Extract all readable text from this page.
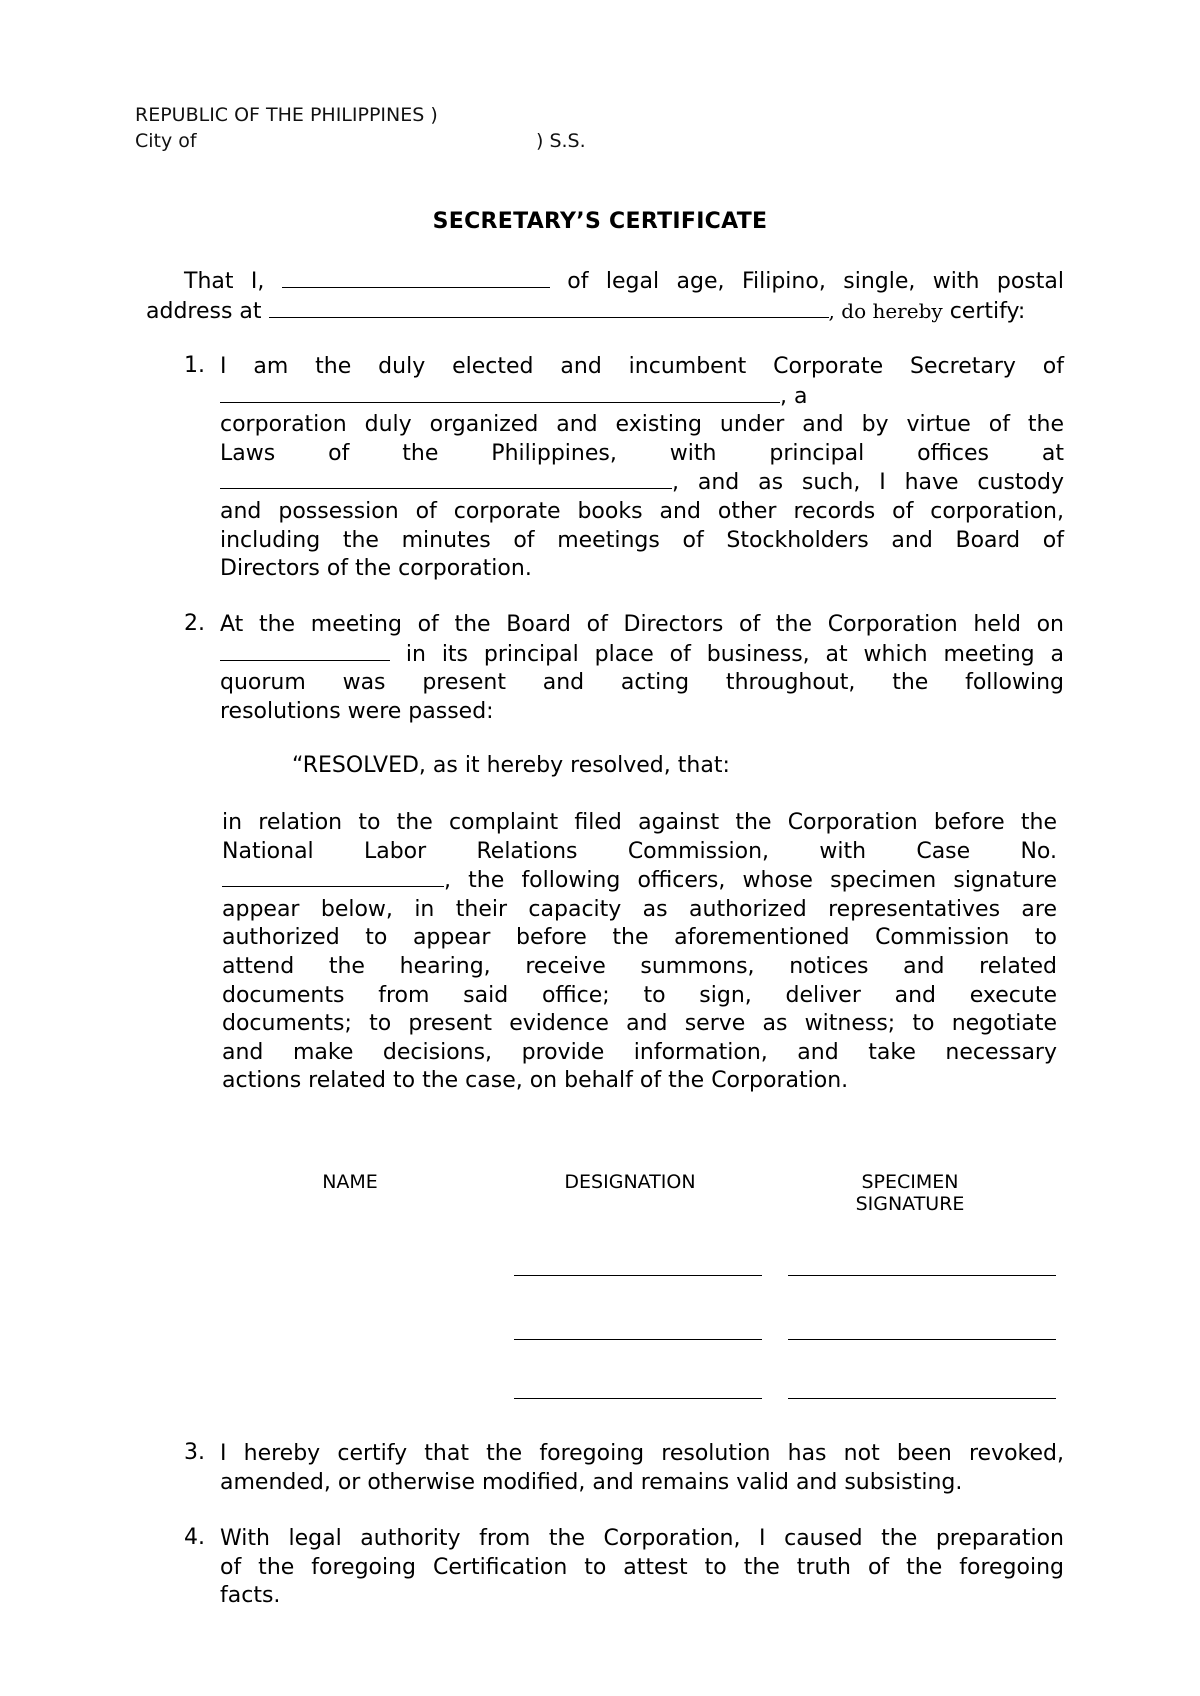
REPUBLIC OF THE PHILIPPINES )
City of	) S.S.
SECRETARY’S CERTIFICATE
That I,	of legal age, Filipino, single, with postal
address at	, do hereby certify:
1. I am the duly elected and incumbent Corporate Secretary of
, a
corporation duly organized and existing under and by virtue of the
Laws of the Philippines, with principal offices at
, and as such, I have custody
and possession of corporate books and other records of corporation,
including the minutes of meetings of Stockholders and Board of
Directors of the corporation.
2. At the meeting of the Board of Directors of the Corporation held on
in its principal place of business, at which meeting a
quorum was present and acting throughout, the following
resolutions were passed:
“RESOLVED, as it hereby resolved, that:
in relation to the complaint filed against the Corporation before the
National Labor Relations Commission, with Case No.
, the following officers, whose specimen signature
appear below, in their capacity as authorized representatives are
authorized to appear before the aforementioned Commission to
attend the hearing, receive summons, notices and related
documents from said office; to sign, deliver and execute
documents; to present evidence and serve as witness; to negotiate
and make decisions, provide information, and take necessary
actions related to the case, on behalf of the Corporation.
NAME	DESIGNATION	SPECIMEN
SIGNATURE
3. I hereby certify that the foregoing resolution has not been revoked,
amended, or otherwise modified, and remains valid and subsisting.
4. With legal authority from the Corporation, I caused the preparation
of the foregoing Certification to attest to the truth of the foregoing
facts.
